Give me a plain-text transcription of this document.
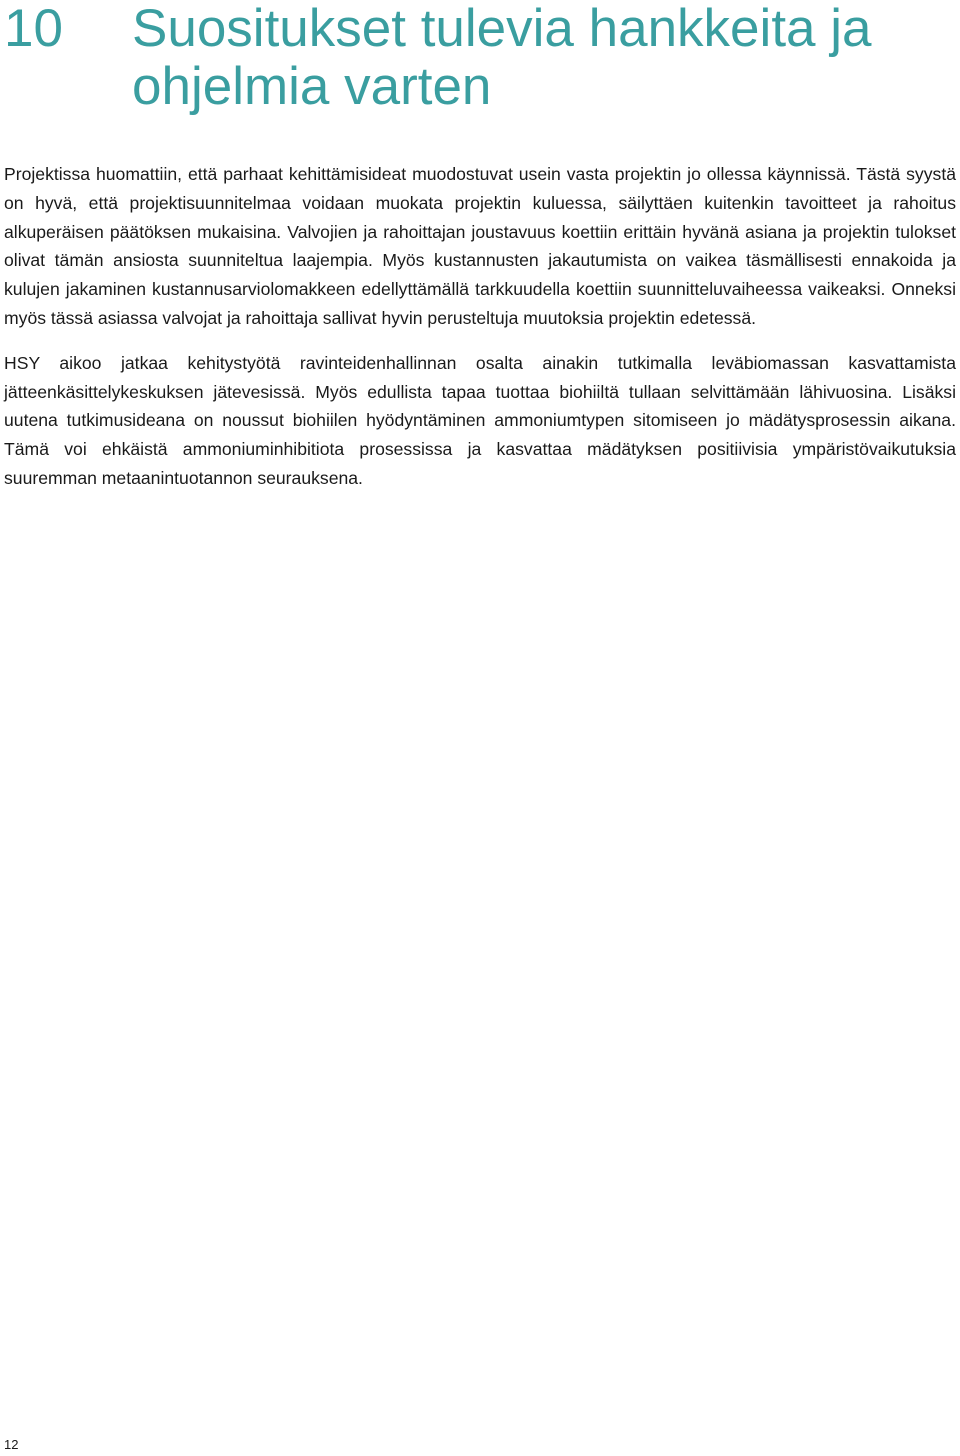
10 Suositukset tulevia hankkeita ja ohjelmia varten

Projektissa huomattiin, että parhaat kehittämisideat muodostuvat usein vasta projektin jo ollessa käynnissä. Tästä syystä on hyvä, että projektisuunnitelmaa voidaan muokata projektin kuluessa, säilyttäen kuitenkin tavoitteet ja rahoitus alkuperäisen päätöksen mukaisina. Valvojien ja rahoittajan joustavuus koettiin erittäin hyvänä asiana ja projektin tulokset olivat tämän ansiosta suunniteltua laajempia. Myös kustannusten jakautumista on vaikea täsmällisesti ennakoida ja kulujen jakaminen kustannusarviolomakkeen edellyttämällä tarkkuudella koettiin suunnitteluvaiheessa vaikeaksi. Onneksi myös tässä asiassa valvojat ja rahoittaja sallivat hyvin perusteltuja muutoksia projektin edetessä.

HSY aikoo jatkaa kehitystyötä ravinteidenhallinnan osalta ainakin tutkimalla leväbiomassan kasvattamista jätteenkäsittelykeskuksen jätevesissä. Myös edullista tapaa tuottaa biohiiltä tullaan selvittämään lähivuosina. Lisäksi uutena tutkimusideana on noussut biohiilen hyödyntäminen ammoniumtypen sitomiseen jo mädätysprosessin aikana. Tämä voi ehkäistä ammoniuminhibitiota prosessissa ja kasvattaa mädätyksen positiivisia ympäristövaikutuksia suuremman metaanintuotannon seurauksena.

12
